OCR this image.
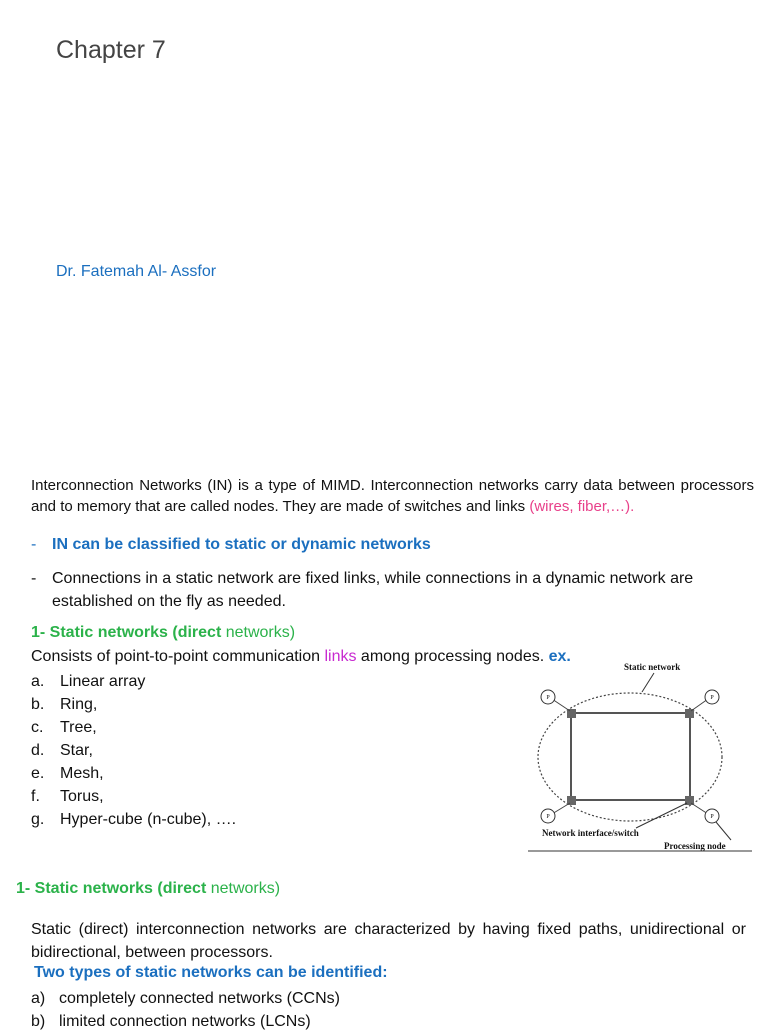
Chapter 7
Dr. Fatemah Al- Assfor
Interconnection Networks (IN) is a type of MIMD. Interconnection networks carry data between processors and to memory that are called nodes. They are made of switches and links (wires, fiber,…).
- IN can be classified to static or dynamic networks
- Connections in a static network are fixed links, while connections in a dynamic network are established on the fly as needed.
1- Static networks (direct networks)
Consists of point-to-point communication links among processing nodes. ex.
a. Linear array
b. Ring,
c. Tree,
d. Star,
e. Mesh,
f. Torus,
g. Hyper-cube (n-cube), ….
Static network
Network interface/switch
Processing node
P	P
P	P
1- Static networks (direct networks)
Static (direct) interconnection networks are characterized by having fixed paths, unidirectional or bidirectional, between processors.
Two types of static networks can be identified:
a) completely connected networks (CCNs)
b) limited connection networks (LCNs)
